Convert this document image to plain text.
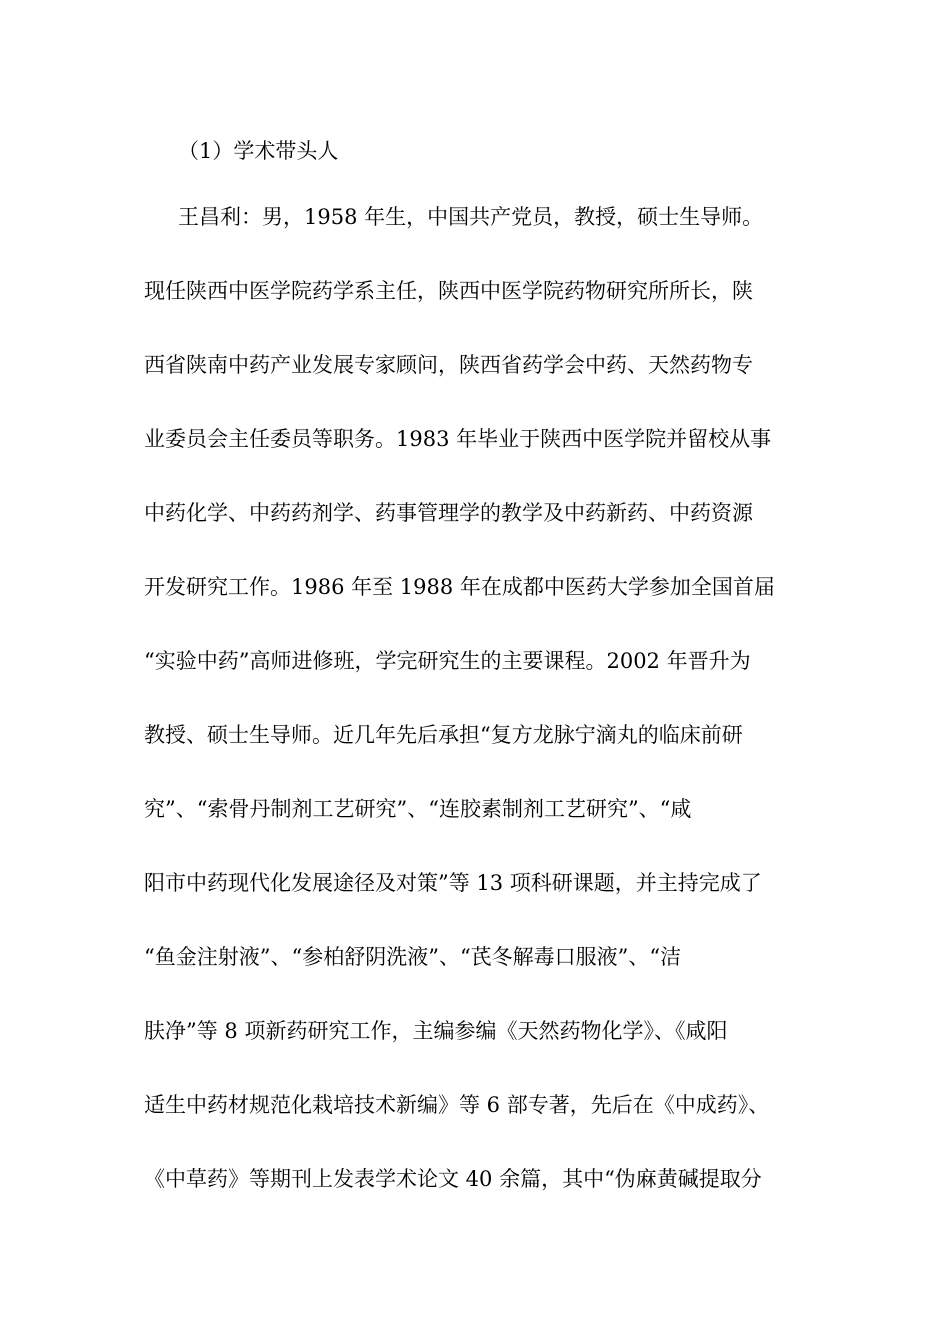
（1）学术带头人
王昌利：男，1958 年生，中国共产党员，教授，硕士生导师。
现任陕西中医学院药学系主任，陕西中医学院药物研究所所长，陕
西省陕南中药产业发展专家顾问，陕西省药学会中药、天然药物专
业委员会主任委员等职务。1983 年毕业于陕西中医学院并留校从事
中药化学、中药药剂学、药事管理学的教学及中药新药、中药资源
开发研究工作。1986 年至 1988 年在成都中医药大学参加全国首届
“实验中药”高师进修班，学完研究生的主要课程。2002 年晋升为
教授、硕士生导师。近几年先后承担“复方龙脉宁滴丸的临床前研
究”、“索骨丹制剂工艺研究”、“连胶素制剂工艺研究”、“咸
阳市中药现代化发展途径及对策”等 13 项科研课题，并主持完成了
“鱼金注射液”、“参柏舒阴洗液”、“芪冬解毒口服液”、“洁
肤净”等 8 项新药研究工作，主编参编《天然药物化学》、《咸阳
适生中药材规范化栽培技术新编》等 6 部专著，先后在《中成药》、
《中草药》等期刊上发表学术论文 40 余篇，其中“伪麻黄碱提取分
